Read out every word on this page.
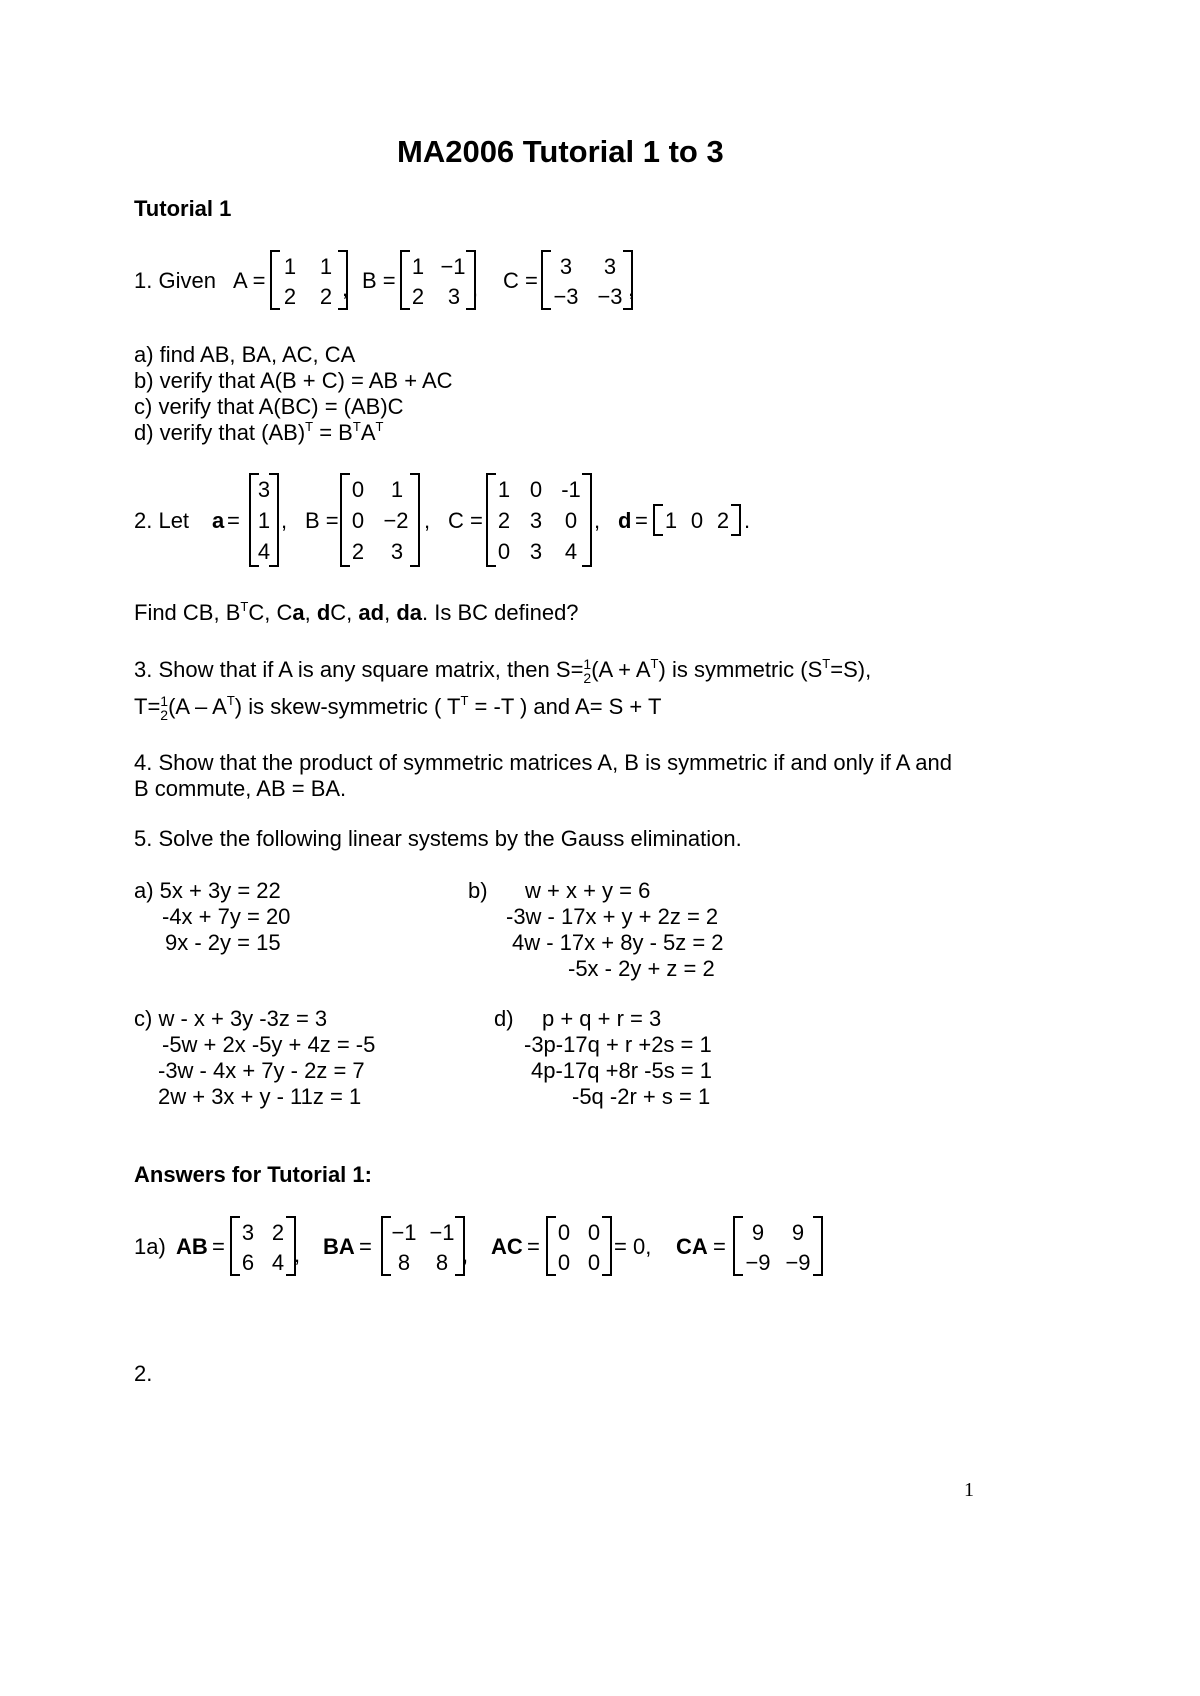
MA2006 Tutorial 1 to 3
Tutorial 1
1. Given A =
1 1
2 2 , B =
1 −1
2 3 , C =
3	3
−3 −3 ,
a) find AB, BA, AC, CA
b) verify that A(B + C) = AB + AC
c) verify that A(BC) = (AB)C
d) verify that $(AB)^T = B^TA^T$
2. Let a =
3
1
4
, B =
0	1
0 −2
2	3
, C =
1 0 -1
2 3	0
0 3	4
, d = 1 0 2 .
Find CB, $B^TC$, Ca, dC, ad, da. Is BC defined?
3. Show that if A is any square matrix, then S= 1
2 $(A + A^T)$ is symmetric $(S^T=S)$,
T= 1
2 $(A - A^T)$ is skew-symmetric ( $T^T = -T$ ) and A= S + T
4. Show that the product of symmetric matrices A, B is symmetric if and only if A and
B commute, AB = BA.
5. Solve the following linear systems by the Gauss elimination.
a) 5x + 3y = 22
-4x + 7y = 20
9x - 2y = 15
b) w + x + y = 6
-3w - 17x + y + 2z = 2
4w - 17x + 8y - 5z = 2
-5x - 2y + z = 2
c) w - x + 3y -3z = 3
-5w + 2x -5y + 4z = -5
-3w - 4x + 7y - 2z = 7
2w + 3x + y - 11z = 1
d) p + q + r = 3
-3p-17q + r +2s = 1
4p-17q +8r -5s = 1
-5q -2r + s = 1
Answers for Tutorial 1:
1a) AB =
3 2
6 4 , BA =
−1 −1
8	8 , AC =
0 0
0 0
= 0, CA =
9	9
−9 −9
2.
1
